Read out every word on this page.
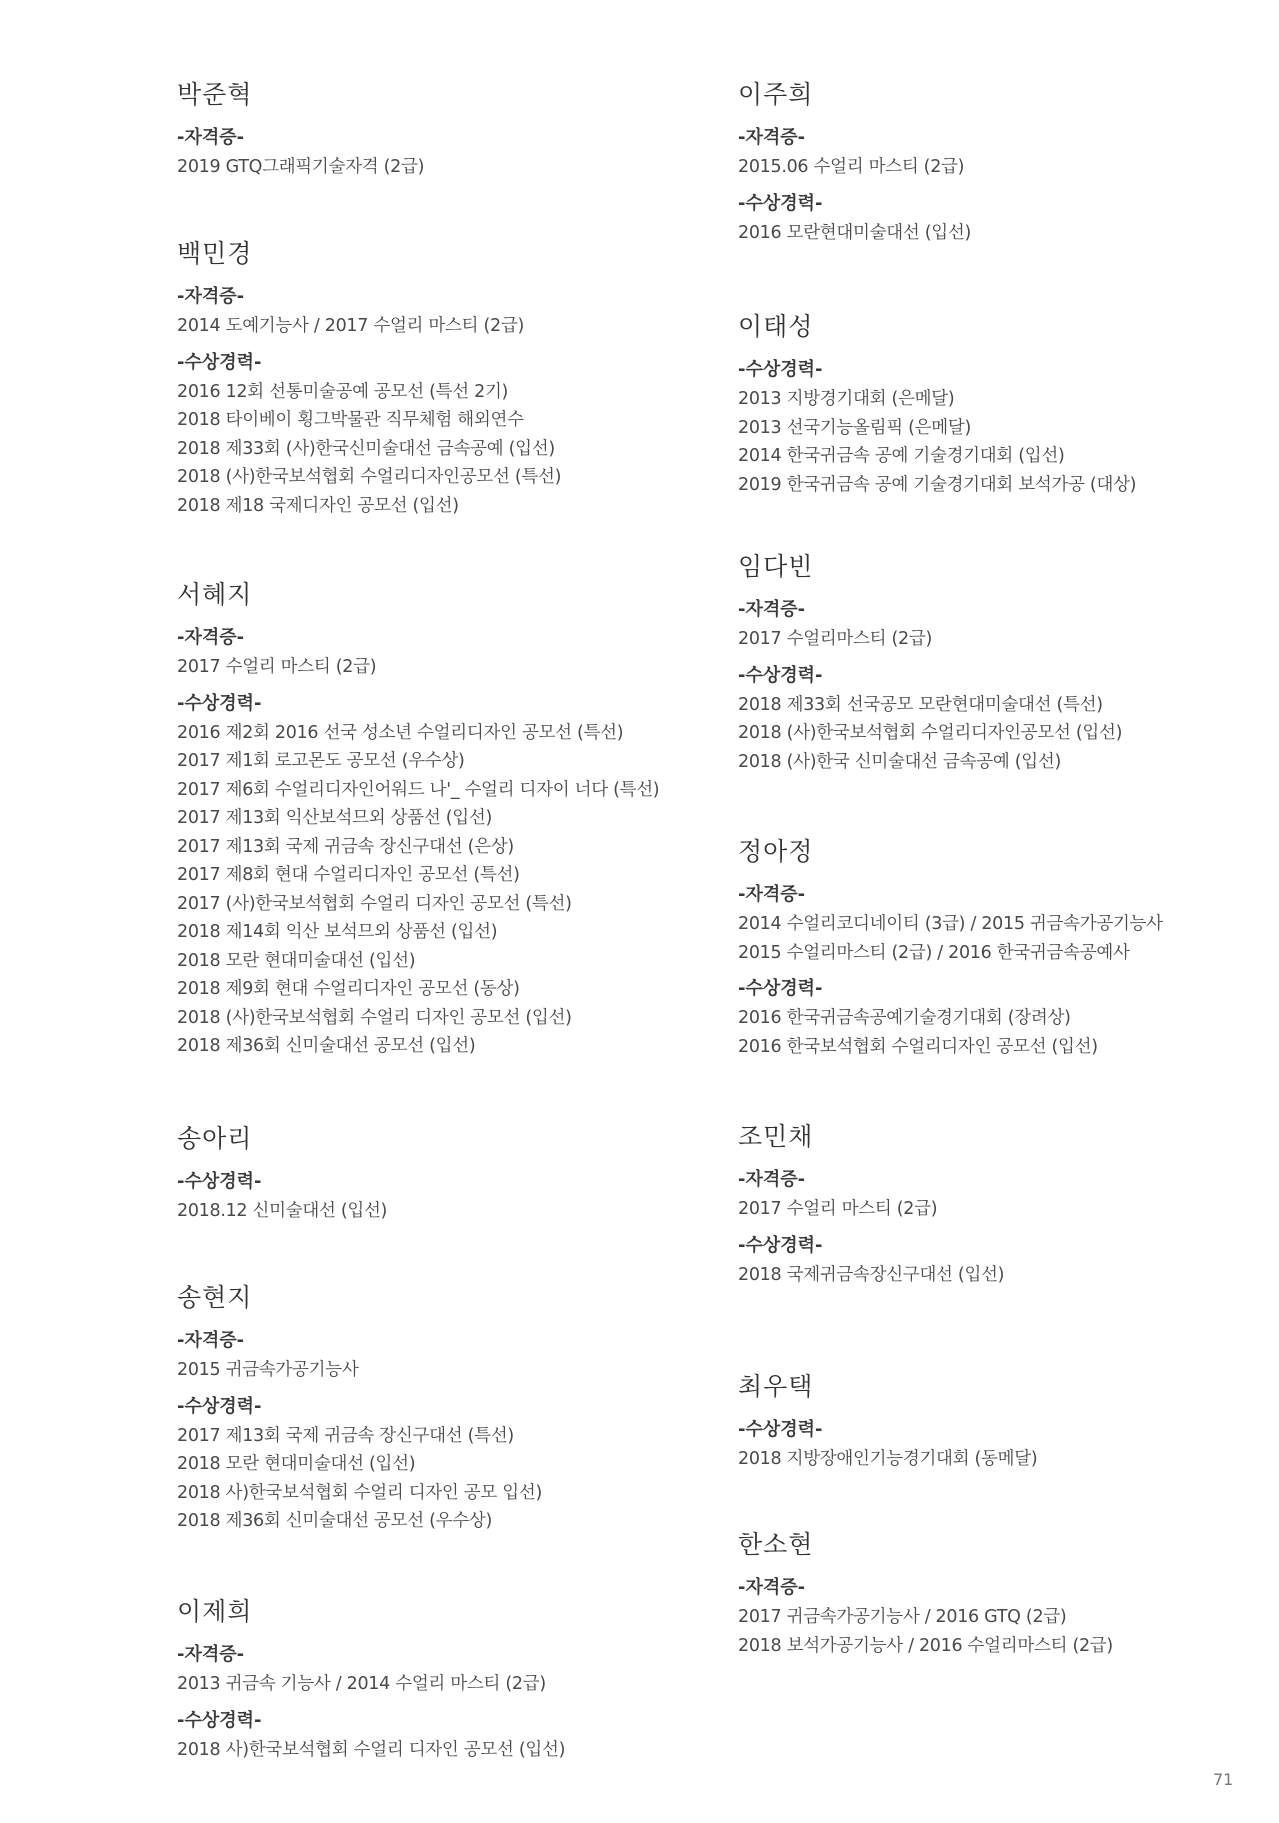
박준혁
-자격증-
2019 GTQ그래픽기술자격 (2급)
백민경
-자격증-
2014 도예기능사 / 2017 수얼리 마스티 (2급)
-수상경력-
2016 12회 선통미술공예 공모선 (특선 2기)
2018 타이베이 횡그박물관 직무체험 해외연수
2018 제33회 (사)한국신미술대선 금속공예 (입선)
2018 (사)한국보석협회 수얼리디자인공모선 (특선)
2018 제18 국제디자인 공모선 (입선)
서혜지
-자격증-
2017 수얼리 마스티 (2급)
-수상경력-
2016 제2회 2016 선국 성소년 수얼리디자인 공모선 (특선)
2017 제1회 로고몬도 공모선 (우수상)
2017 제6회 수얼리디자인어워드 나'_ 수얼리 디자이 너다 (특선)
2017 제13회 익산보석므외 상품선 (입선)
2017 제13회 국제 귀금속 장신구대선 (은상)
2017 제8회 현대 수얼리디자인 공모선 (특선)
2017 (사)한국보석협회 수얼리 디자인 공모선 (특선)
2018 제14회 익산 보석므외 상품선 (입선)
2018 모란 현대미술대선 (입선)
2018 제9회 현대 수얼리디자인 공모선 (동상)
2018 (사)한국보석협회 수얼리 디자인 공모선 (입선)
2018 제36회 신미술대선 공모선 (입선)
송아리
-수상경력-
2018.12 신미술대선 (입선)
송현지
-자격증-
2015 귀금속가공기능사
-수상경력-
2017 제13회 국제 귀금속 장신구대선 (특선)
2018 모란 현대미술대선 (입선)
2018 사)한국보석협회 수얼리 디자인 공모 입선)
2018 제36회 신미술대선 공모선 (우수상)
이제희
-자격증-
2013 귀금속 기능사 / 2014 수얼리 마스티 (2급)
-수상경력-
2018 사)한국보석협회 수얼리 디자인 공모선 (입선)
이주희
-자격증-
2015.06 수얼리 마스티 (2급)
-수상경력-
2016 모란현대미술대선 (입선)
이태성
-수상경력-
2013 지방경기대회 (은메달)
2013 선국기능올림픽 (은메달)
2014 한국귀금속 공예 기술경기대회 (입선)
2019 한국귀금속 공예 기술경기대회 보석가공 (대상)
임다빈
-자격증-
2017 수얼리마스티 (2급)
-수상경력-
2018 제33회 선국공모 모란현대미술대선 (특선)
2018 (사)한국보석협회 수얼리디자인공모선 (입선)
2018 (사)한국 신미술대선 금속공예 (입선)
정아정
-자격증-
2014 수얼리코디네이티 (3급) / 2015 귀금속가공기능사
2015 수얼리마스티 (2급) / 2016 한국귀금속공예사
-수상경력-
2016 한국귀금속공예기술경기대회 (장려상)
2016 한국보석협회 수얼리디자인 공모선 (입선)
조민채
-자격증-
2017 수얼리 마스티 (2급)
-수상경력-
2018 국제귀금속장신구대선 (입선)
최우택
-수상경력-
2018 지방장애인기능경기대회 (동메달)
한소현
-자격증-
2017 귀금속가공기능사 / 2016 GTQ (2급)
2018 보석가공기능사 / 2016 수얼리마스티 (2급)
71
